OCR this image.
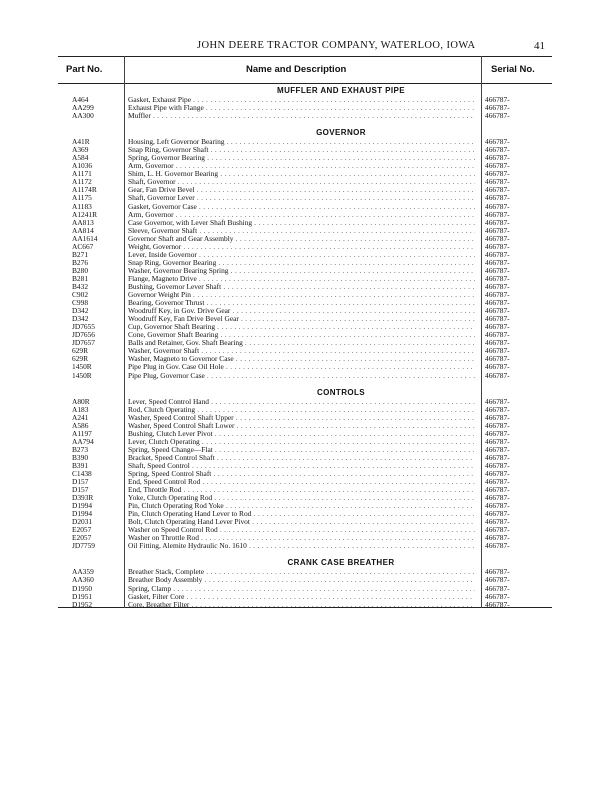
JOHN DEERE TRACTOR COMPANY, WATERLOO, IOWA	41
Part No.	Name and Description	Serial No.
MUFFLER AND EXHAUST PIPE
A464	Gasket, Exhaust Pipe . . .	466787-
AA299	Exhaust Pipe with Flange . . .	466787-
AA300	Muffler . . .	466787-
GOVERNOR
A41R	Housing, Left Governor Bearing . . .	466787-
A369	Snap Ring, Governor Shaft . . .	466787-
A584	Spring, Governor Bearing . . .	466787-
A1036	Arm, Governor . . .	466787-
A1171	Shim, L. H. Governor Bearing . . .	466787-
A1172	Shaft, Governor . . .	466787-
A1174R	Gear, Fan Drive Bevel . . .	466787-
A1175	Shaft, Governor Lever . . .	466787-
A1183	Gasket, Governor Case . . .	466787-
A1241R	Arm, Governor . . .	466787-
AA813	Case Governor, with Lever Shaft Bushing . . .	466787-
AA814	Sleeve, Governor Shaft . . .	466787-
AA1614	Governor Shaft and Gear Assembly . . .	466787-
AC667	Weight, Governor . . .	466787-
B271	Lever, Inside Governor . . .	466787-
B276	Snap Ring, Governor Bearing . . .	466787-
B280	Washer, Governor Bearing Spring . . .	466787-
B281	Flange, Magneto Drive . . .	466787-
B432	Bushing, Governor Lever Shaft . . .	466787-
C902	Governor Weight Pin . . .	466787-
C998	Bearing, Governor Thrust . . .	466787-
D342	Woodruff Key, in Gov. Drive Gear . . .	466787-
D342	Woodruff Key, Fan Drive Bevel Gear . . .	466787-
JD7655	Cup, Governor Shaft Bearing . . .	466787-
JD7656	Cone, Governor Shaft Bearing . . .	466787-
JD7657	Balls and Retainer, Gov. Shaft Bearing . . .	466787-
629R	Washer, Governor Shaft . . .	466787-
629R	Washer, Magneto to Governor Case . . .	466787-
1450R	Pipe Plug in Gov. Case Oil Hole . . .	466787-
1450R	Pipe Plug, Governor Case . . .	466787-
CONTROLS
A80R	Lever, Speed Control Hand . . .	466787-
A183	Rod, Clutch Operating . . .	466787-
A241	Washer, Speed Control Shaft Upper . . .	466787-
A586	Washer, Speed Control Shaft Lower . . .	466787-
A1197	Bushing, Clutch Lever Pivot . . .	466787-
AA794	Lever, Clutch Operating . . .	466787-
B273	Spring, Speed Change—Flat . . .	466787-
B390	Bracket, Speed Control Shaft . . .	466787-
B391	Shaft, Speed Control . . .	466787-
C1438	Spring, Speed Control Shaft . . .	466787-
D157	End, Speed Control Rod . . .	466787-
D157	End, Throttle Rod . . .	466787-
D393R	Yoke, Clutch Operating Rod . . .	466787-
D1994	Pin, Clutch Operating Rod Yoke . . .	466787-
D1994	Pin, Clutch Operating Hand Lever to Rod . . .	466787-
D2031	Bolt, Clutch Operating Hand Lever Pivot . . .	466787-
E2057	Washer on Speed Control Rod . . .	466787-
E2057	Washer on Throttle Rod . . .	466787-
JD7759	Oil Fitting, Alemite Hydraulic No. 1610 . . .	466787-
CRANK CASE BREATHER
AA359	Breather Stack, Complete . . .	466787-
AA360	Breather Body Assembly . . .	466787-
D1950	Spring, Clamp . . .	466787-
D1951	Gasket, Filter Core . . .	466787-
D1952	Core, Breather Filter . . .	466787-
